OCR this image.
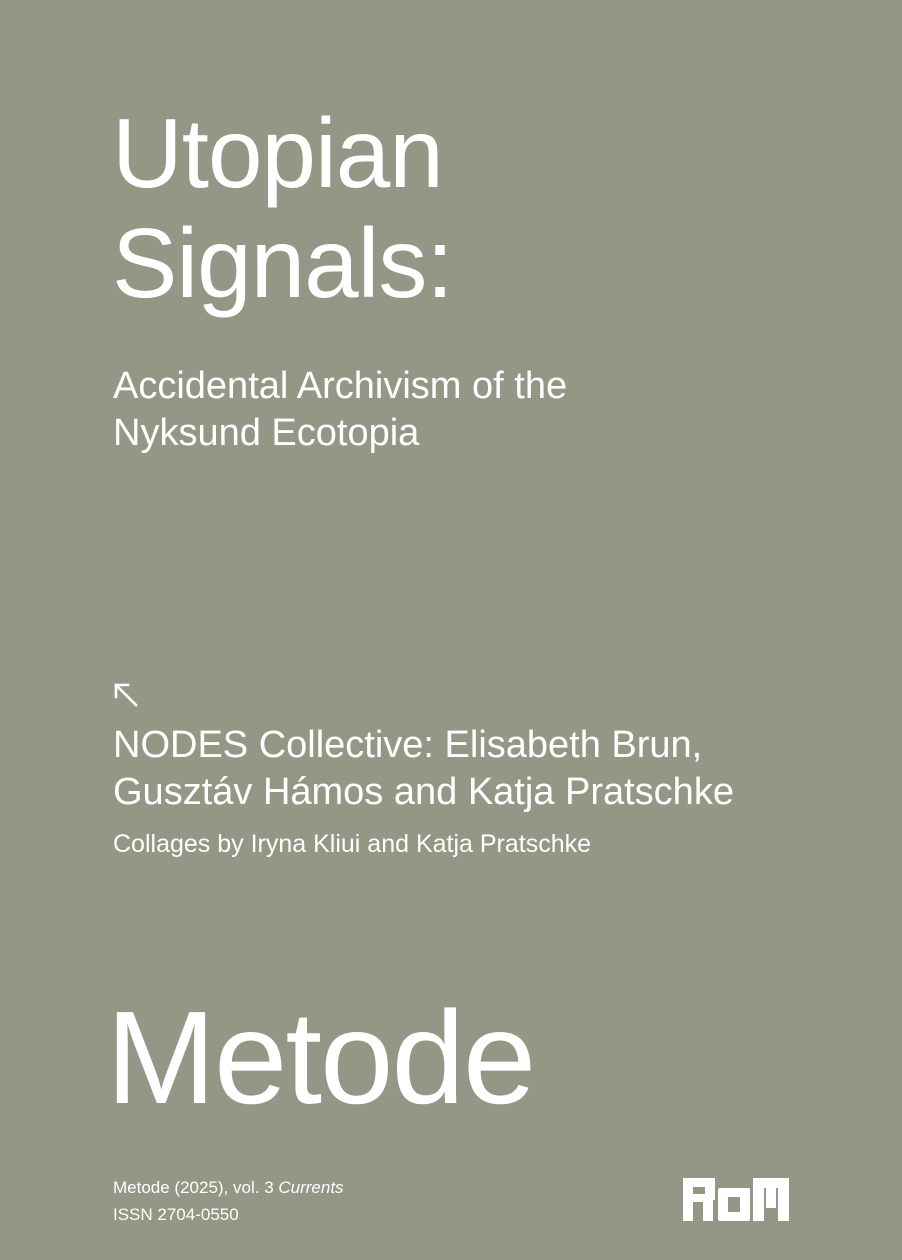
Utopian
Signals:
Accidental Archivism of the
Nyksund Ecotopia
NODES Collective: Elisabeth Brun,
Gusztáv Hámos and Katja Pratschke
Collages by Iryna Kliui and Katja Pratschke
Metode
Metode (2025), vol. 3 Currents
ISSN 2704-0550
